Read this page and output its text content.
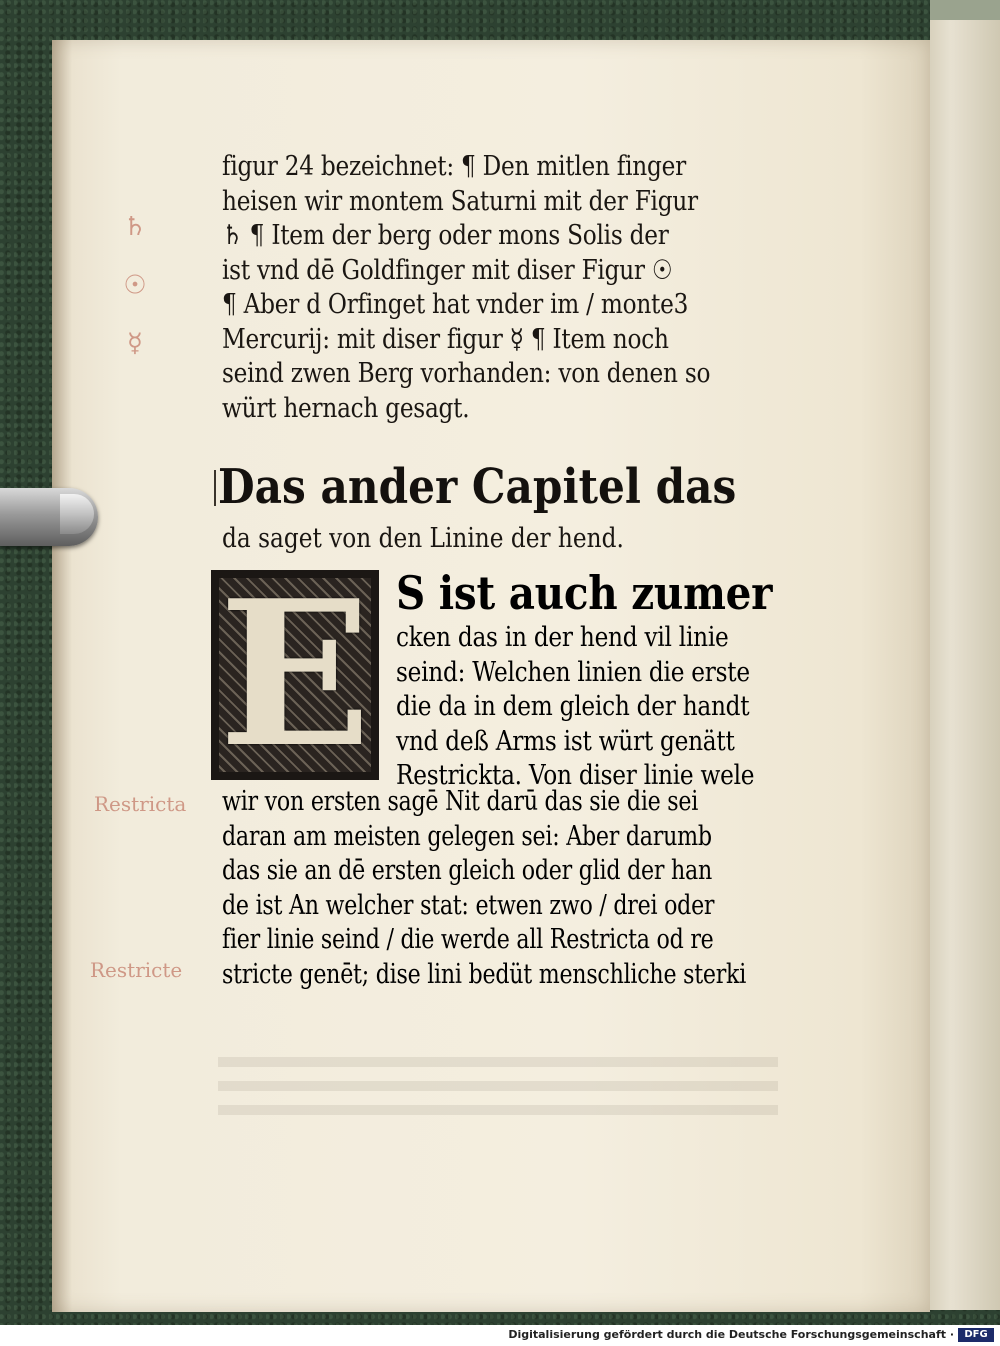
♄ ☉ ☿
Restricta
Restricte
figur 24 bezeichnet: ¶ Den mitlen finger
heisen wir montem Saturni mit der Figur
♄ ¶ Item der berg oder mons Solis der
ist vnd dē Goldfinger mit diser Figur ☉
¶ Aber d Orfinget hat vnder im / monte3
Mercurij: mit diser figur ☿ ¶ Item noch
seind zwen Berg vorhanden: von denen so
würt hernach gesagt.
Das ander Capitel das
da saget von den Linine der hend.
E S ist auch zumer
cken das in der hend vil linie
seind: Welchen linien die erste
die da in dem gleich der handt
vnd deß Arms ist würt genätt
Restrickta. Von diser linie wele
wir von ersten sagē Nit darū das sie die sei
daran am meisten gelegen sei: Aber darumb
das sie an dē ersten gleich oder glid der han
de ist An welcher stat: etwen zwo / drei oder
fier linie seind / die werde all Restricta od re
stricte genēt; dise lini bedüt menschliche sterki
Digitalisierung gefördert durch die Deutsche Forschungsgemeinschaft ·	DFG
